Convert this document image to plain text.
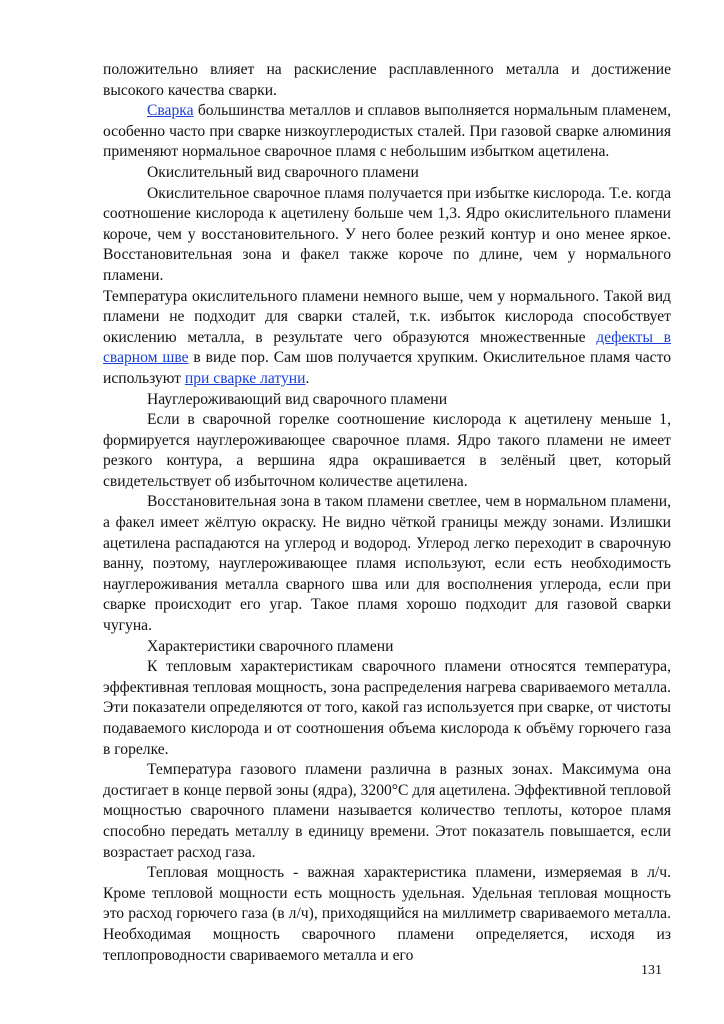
положительно влияет на раскисление расплавленного металла и достижение высокого качества сварки.

Сварка большинства металлов и сплавов выполняется нормальным пламенем, особенно часто при сварке низкоуглеродистых сталей. При газовой сварке алюминия применяют нормальное сварочное пламя с небольшим избытком ацетилена.

Окислительный вид сварочного пламени

Окислительное сварочное пламя получается при избытке кислорода. Т.е. когда соотношение кислорода к ацетилену больше чем 1,3. Ядро окислительного пламени короче, чем у восстановительного. У него более резкий контур и оно менее яркое. Восстановительная зона и факел также короче по длине, чем у нормального пламени.

Температура окислительного пламени немного выше, чем у нормального. Такой вид пламени не подходит для сварки сталей, т.к. избыток кислорода способствует окислению металла, в результате чего образуются множественные дефекты в сварном шве в виде пор. Сам шов получается хрупким. Окислительное пламя часто используют при сварке латуни.

Науглероживающий вид сварочного пламени

Если в сварочной горелке соотношение кислорода к ацетилену меньше 1, формируется науглероживающее сварочное пламя. Ядро такого пламени не имеет резкого контура, а вершина ядра окрашивается в зелёный цвет, который свидетельствует об избыточном количестве ацетилена.

Восстановительная зона в таком пламени светлее, чем в нормальном пламени, а факел имеет жёлтую окраску. Не видно чёткой границы между зонами. Излишки ацетилена распадаются на углерод и водород. Углерод легко переходит в сварочную ванну, поэтому, науглероживающее пламя используют, если есть необходимость науглероживания металла сварного шва или для восполнения углерода, если при сварке происходит его угар. Такое пламя хорошо подходит для газовой сварки чугуна.

Характеристики сварочного пламени

К тепловым характеристикам сварочного пламени относятся температура, эффективная тепловая мощность, зона распределения нагрева свариваемого металла. Эти показатели определяются от того, какой газ используется при сварке, от чистоты подаваемого кислорода и от соотношения объема кислорода к объёму горючего газа в горелке.

Температура газового пламени различна в разных зонах. Максимума она достигает в конце первой зоны (ядра), 3200°С для ацетилена. Эффективной тепловой мощностью сварочного пламени называется количество теплоты, которое пламя способно передать металлу в единицу времени. Этот показатель повышается, если возрастает расход газа.

Тепловая мощность - важная характеристика пламени, измеряемая в л/ч. Кроме тепловой мощности есть мощность удельная. Удельная тепловая мощность это расход горючего газа (в л/ч), приходящийся на миллиметр свариваемого металла. Необходимая мощность сварочного пламени определяется, исходя из теплопроводности свариваемого металла и его

131
